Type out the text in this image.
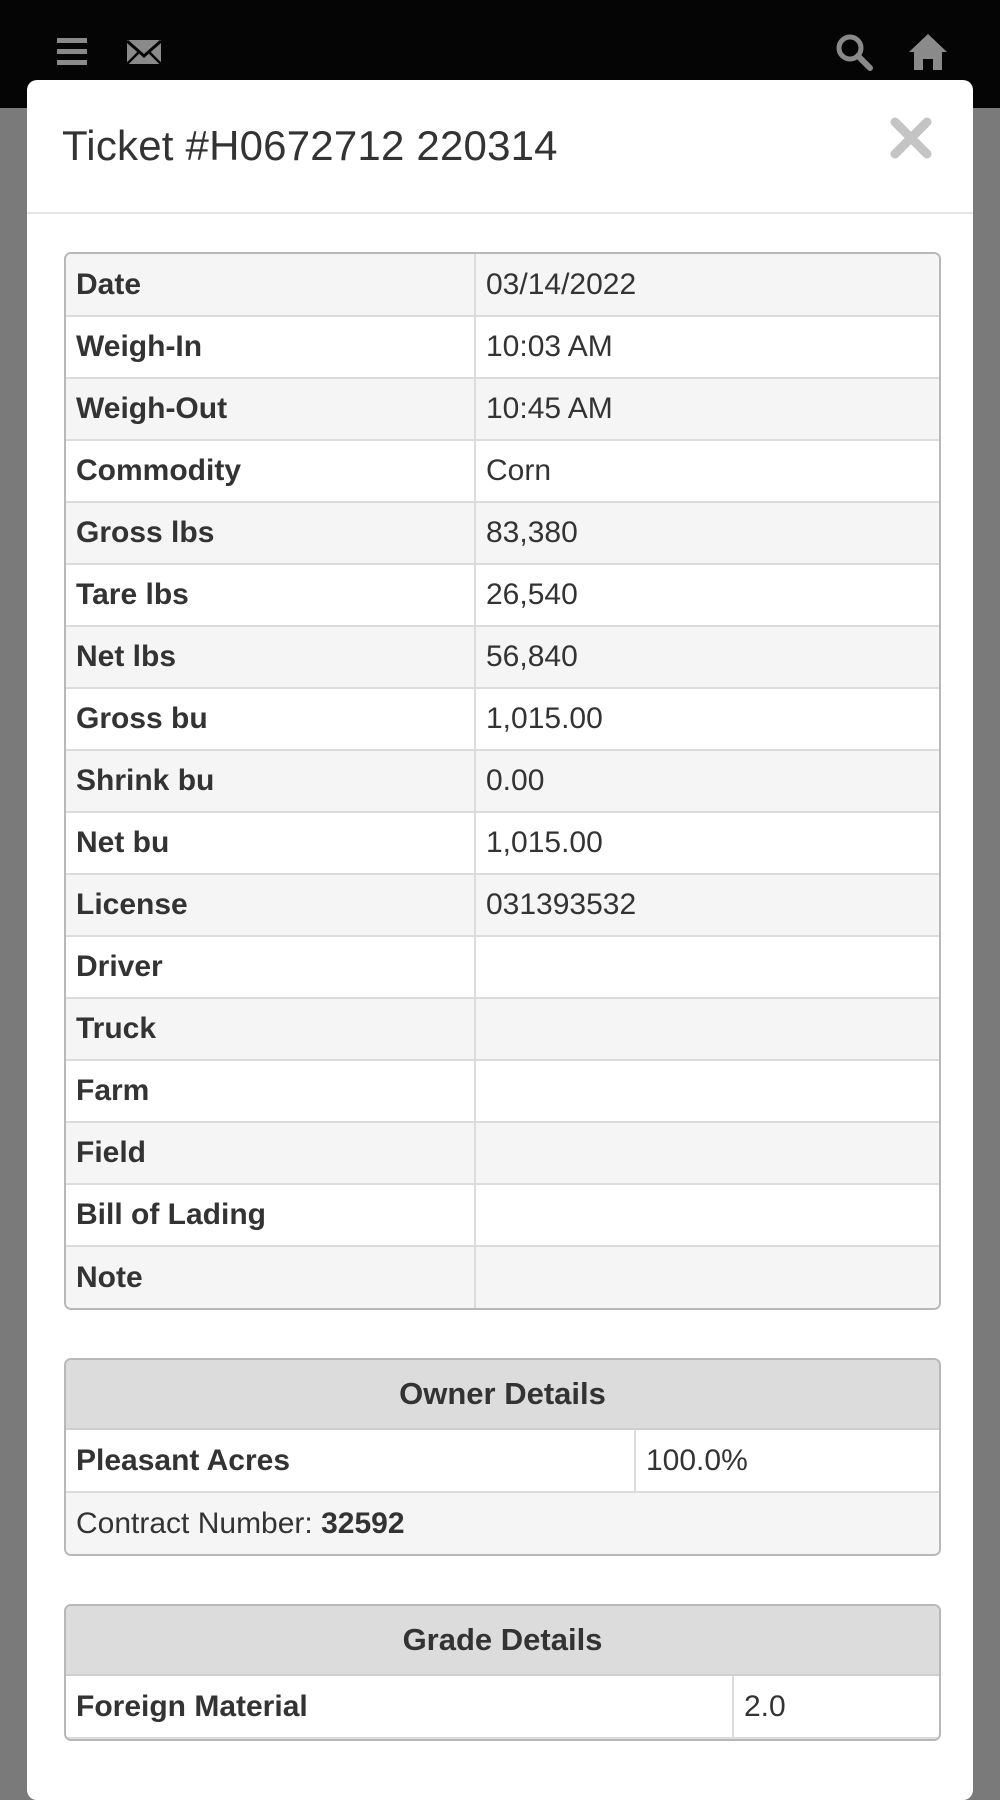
Ticket #H0672712 220314
Date	03/14/2022
Weigh-In	10:03 AM
Weigh-Out	10:45 AM
Commodity	Corn
Gross lbs	83,380
Tare lbs	26,540
Net lbs	56,840
Gross bu	1,015.00
Shrink bu	0.00
Net bu	1,015.00
License	031393532
Driver	
Truck	
Farm	
Field	
Bill of Lading	
Note	
Owner Details
Pleasant Acres	100.0%
Contract Number: 32592
Grade Details
Foreign Material	2.0
